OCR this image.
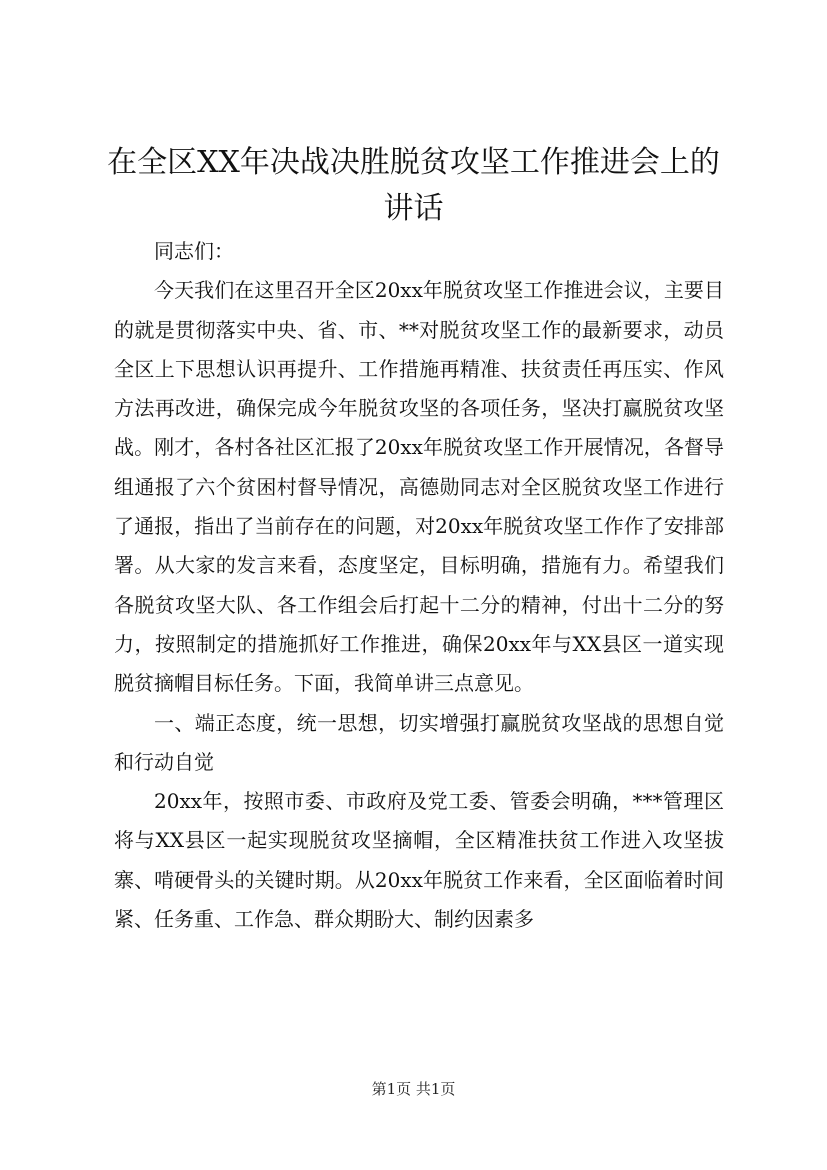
在全区XX年决战决胜脱贫攻坚工作推进会上的讲话

同志们：

今天我们在这里召开全区20xx年脱贫攻坚工作推进会议，主要目的就是贯彻落实中央、省、市、**对脱贫攻坚工作的最新要求，动员全区上下思想认识再提升、工作措施再精准、扶贫责任再压实、作风方法再改进，确保完成今年脱贫攻坚的各项任务，坚决打赢脱贫攻坚战。刚才，各村各社区汇报了20xx年脱贫攻坚工作开展情况，各督导组通报了六个贫困村督导情况，高德勋同志对全区脱贫攻坚工作进行了通报，指出了当前存在的问题，对20xx年脱贫攻坚工作作了安排部署。从大家的发言来看，态度坚定，目标明确，措施有力。希望我们各脱贫攻坚大队、各工作组会后打起十二分的精神，付出十二分的努力，按照制定的措施抓好工作推进，确保20xx年与XX县区一道实现脱贫摘帽目标任务。下面，我简单讲三点意见。

一、端正态度，统一思想，切实增强打赢脱贫攻坚战的思想自觉和行动自觉

20xx年，按照市委、市政府及党工委、管委会明确，***管理区将与XX县区一起实现脱贫攻坚摘帽，全区精准扶贫工作进入攻坚拔寨、啃硬骨头的关键时期。从20xx年脱贫工作来看，全区面临着时间紧、任务重、工作急、群众期盼大、制约因素多

第1页 共1页
